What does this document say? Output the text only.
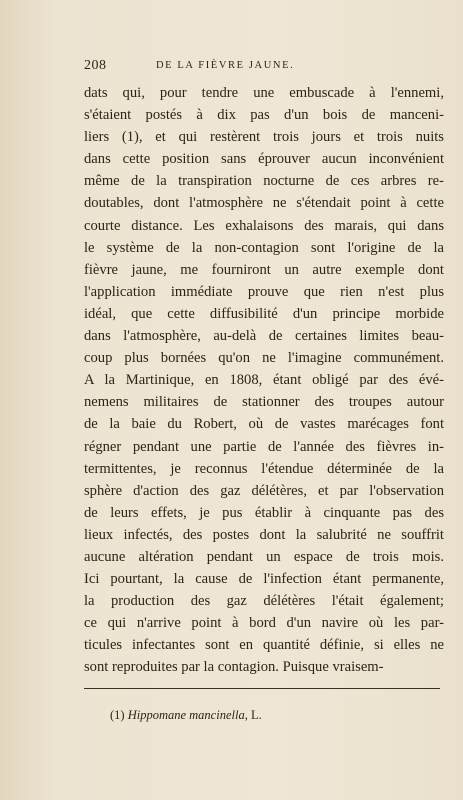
208	DE LA FIÈVRE JAUNE.
dats qui, pour tendre une embuscade à l'ennemi,
s'étaient postés à dix pas d'un bois de manceni-
liers (1), et qui restèrent trois jours et trois nuits
dans cette position sans éprouver aucun inconvénient
même de la transpiration nocturne de ces arbres re-
doutables, dont l'atmosphère ne s'étendait point à cette
courte distance. Les exhalaisons des marais, qui dans
le système de la non-contagion sont l'origine de la
fièvre jaune, me fourniront un autre exemple dont
l'application immédiate prouve que rien n'est plus
idéal, que cette diffusibilité d'un principe morbide
dans l'atmosphère, au-delà de certaines limites beau-
coup plus bornées qu'on ne l'imagine communément.
A la Martinique, en 1808, étant obligé par des évé-
nemens militaires de stationner des troupes autour
de la baie du Robert, où de vastes marécages font
régner pendant une partie de l'année des fièvres in-
termittentes, je reconnus l'étendue déterminée de la
sphère d'action des gaz délétères, et par l'observation
de leurs effets, je pus établir à cinquante pas des
lieux infectés, des postes dont la salubrité ne souffrit
aucune altération pendant un espace de trois mois.
Ici pourtant, la cause de l'infection étant permanente,
la production des gaz délétères l'était également;
ce qui n'arrive point à bord d'un navire où les par-
ticules infectantes sont en quantité définie, si elles ne
sont reproduites par la contagion. Puisque vraisem-
(1) Hippomane mancinella, L.
